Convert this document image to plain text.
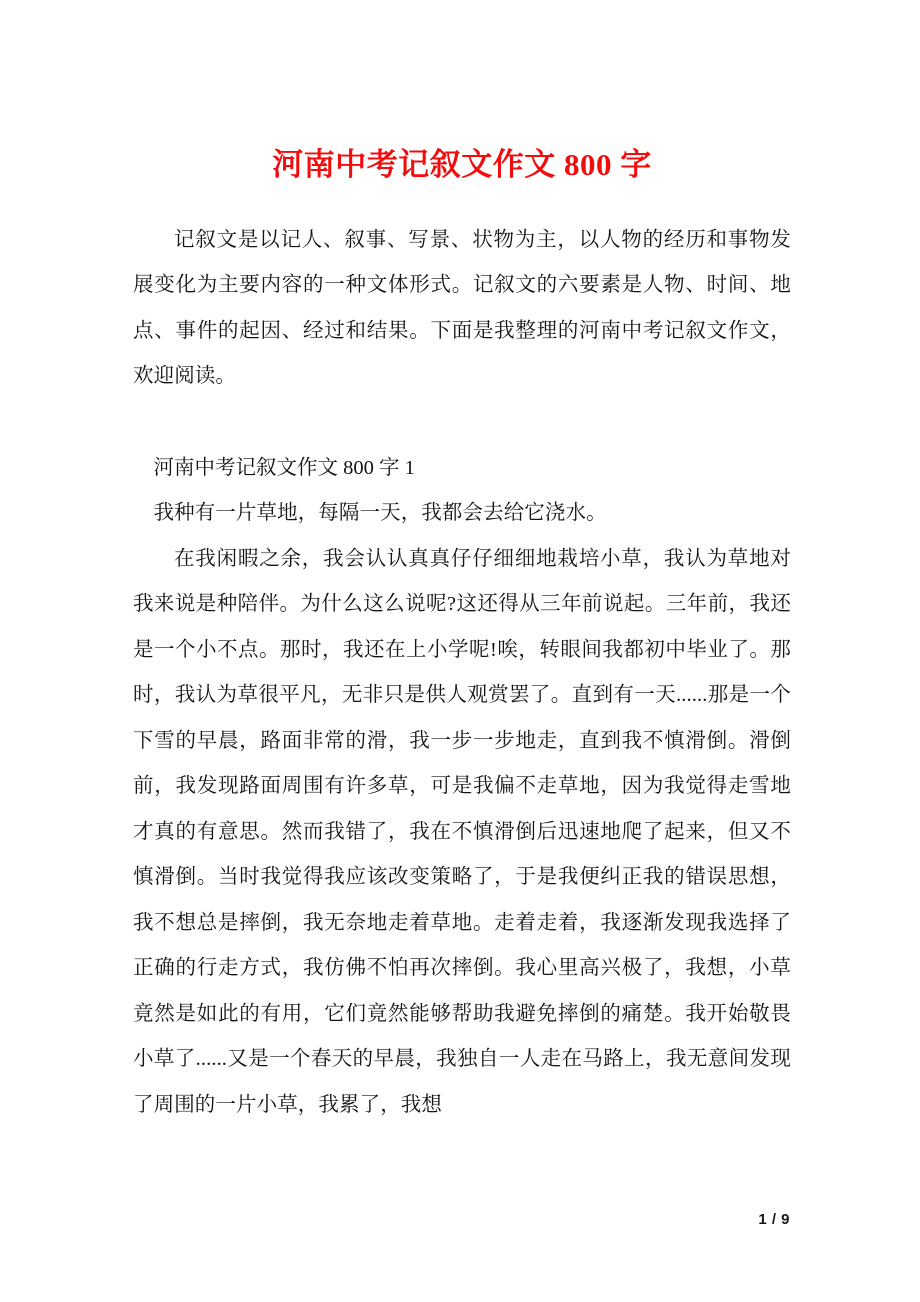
河南中考记叙文作文 800 字

记叙文是以记人、叙事、写景、状物为主，以人物的经历和事物发展变化为主要内容的一种文体形式。记叙文的六要素是人物、时间、地点、事件的起因、经过和结果。下面是我整理的河南中考记叙文作文，欢迎阅读。

河南中考记叙文作文 800 字 1

我种有一片草地，每隔一天，我都会去给它浇水。

在我闲暇之余，我会认认真真仔仔细细地栽培小草，我认为草地对我来说是种陪伴。为什么这么说呢?这还得从三年前说起。三年前，我还是一个小不点。那时，我还在上小学呢!唉，转眼间我都初中毕业了。那时，我认为草很平凡，无非只是供人观赏罢了。直到有一天......那是一个下雪的早晨，路面非常的滑，我一步一步地走，直到我不慎滑倒。滑倒前，我发现路面周围有许多草，可是我偏不走草地，因为我觉得走雪地才真的有意思。然而我错了，我在不慎滑倒后迅速地爬了起来，但又不慎滑倒。当时我觉得我应该改变策略了，于是我便纠正我的错误思想，我不想总是摔倒，我无奈地走着草地。走着走着，我逐渐发现我选择了正确的行走方式，我仿佛不怕再次摔倒。我心里高兴极了，我想，小草竟然是如此的有用，它们竟然能够帮助我避免摔倒的痛楚。我开始敬畏小草了......又是一个春天的早晨，我独自一人走在马路上，我无意间发现了周围的一片小草，我累了，我想

1 / 9
